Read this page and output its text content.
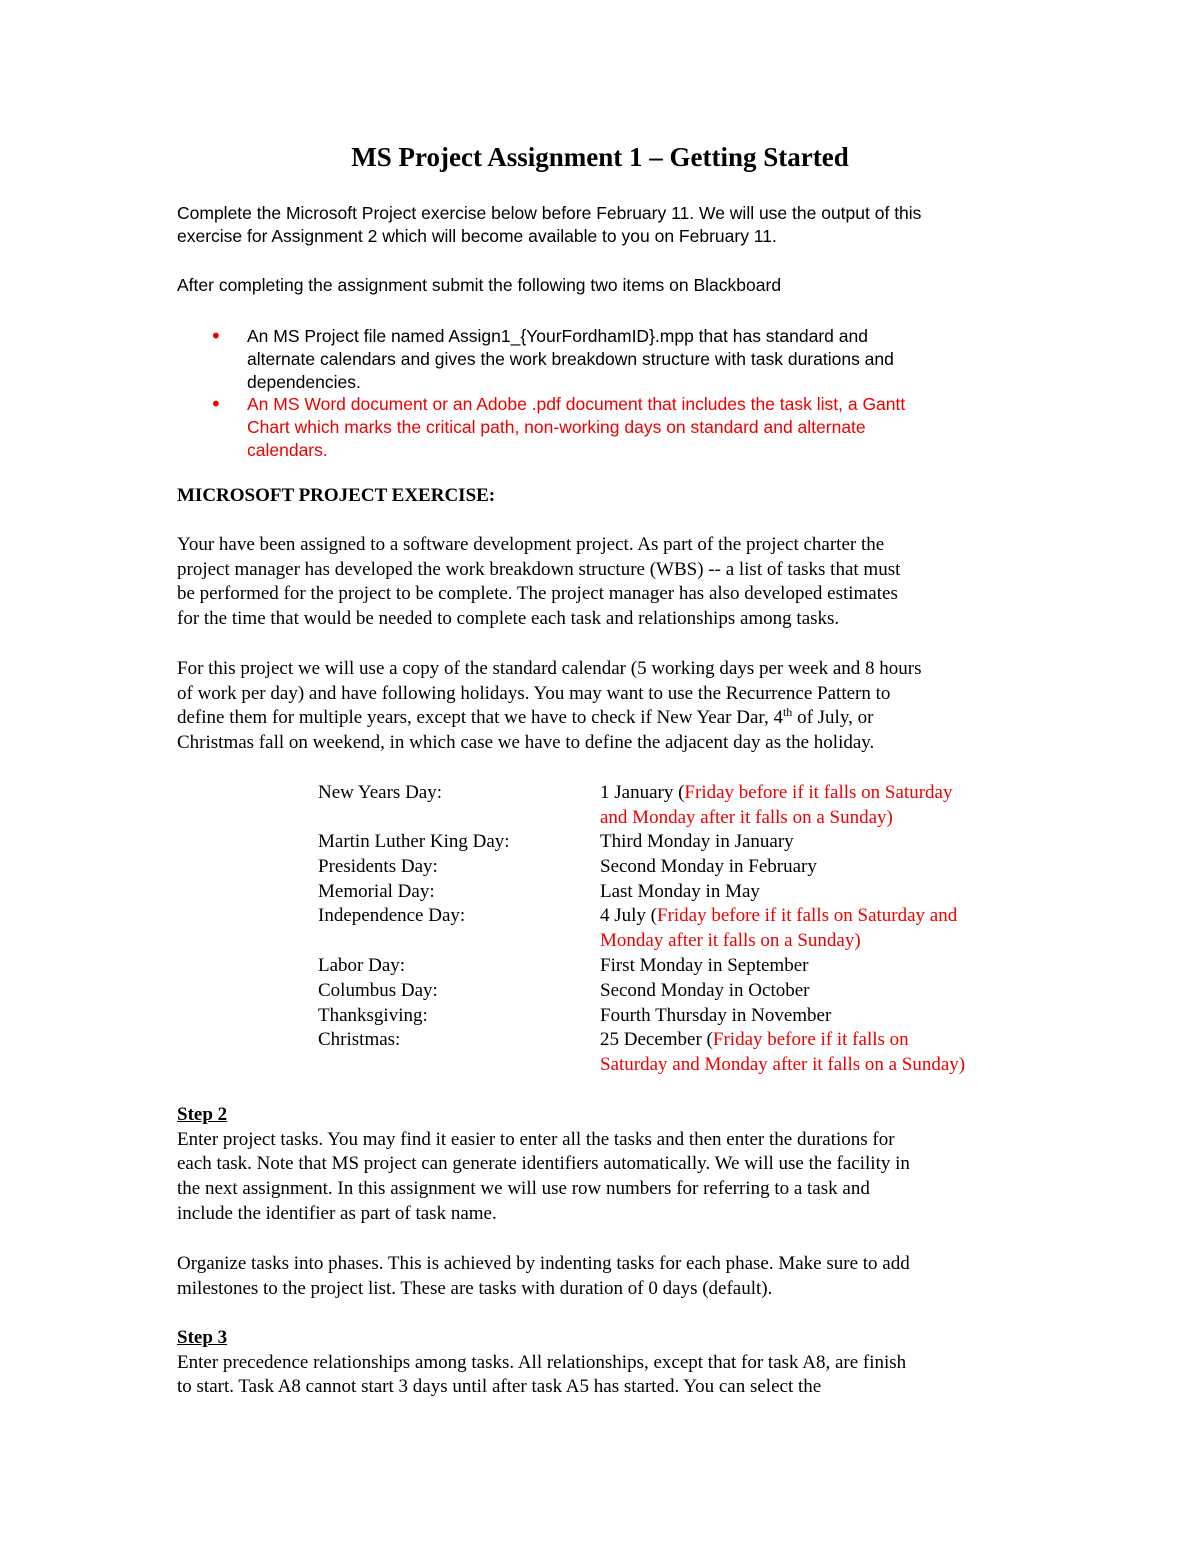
MS Project Assignment 1 – Getting Started
Complete the Microsoft Project exercise below before February 11. We will use the output of this
exercise for Assignment 2 which will become available to you on February 11.
After completing the assignment submit the following two items on Blackboard
• An MS Project file named Assign1_{YourFordhamID}.mpp that has standard and
alternate calendars and gives the work breakdown structure with task durations and
dependencies.
• An MS Word document or an Adobe .pdf document that includes the task list, a Gantt
Chart which marks the critical path, non-working days on standard and alternate
calendars.
MICROSOFT PROJECT EXERCISE:
Your have been assigned to a software development project. As part of the project charter the
project manager has developed the work breakdown structure (WBS) -- a list of tasks that must
be performed for the project to be complete. The project manager has also developed estimates
for the time that would be needed to complete each task and relationships among tasks.
For this project we will use a copy of the standard calendar (5 working days per week and 8 hours
of work per day) and have following holidays. You may want to use the Recurrence Pattern to
define them for multiple years, except that we have to check if New Year Dar, 4th of July, or
Christmas fall on weekend, in which case we have to define the adjacent day as the holiday.
New Years Day:	1 January (Friday before if it falls on Saturday
and Monday after it falls on a Sunday)
Martin Luther King Day:	Third Monday in January
Presidents Day:	Second Monday in February
Memorial Day:	Last Monday in May
Independence Day:	4 July (Friday before if it falls on Saturday and
Monday after it falls on a Sunday)
Labor Day:	First Monday in September
Columbus Day:	Second Monday in October
Thanksgiving:	Fourth Thursday in November
Christmas:	25 December (Friday before if it falls on
Saturday and Monday after it falls on a Sunday)
Step 2
Enter project tasks. You may find it easier to enter all the tasks and then enter the durations for
each task. Note that MS project can generate identifiers automatically. We will use the facility in
the next assignment. In this assignment we will use row numbers for referring to a task and
include the identifier as part of task name.
Organize tasks into phases. This is achieved by indenting tasks for each phase. Make sure to add
milestones to the project list. These are tasks with duration of 0 days (default).
Step 3
Enter precedence relationships among tasks. All relationships, except that for task A8, are finish
to start. Task A8 cannot start 3 days until after task A5 has started. You can select the
